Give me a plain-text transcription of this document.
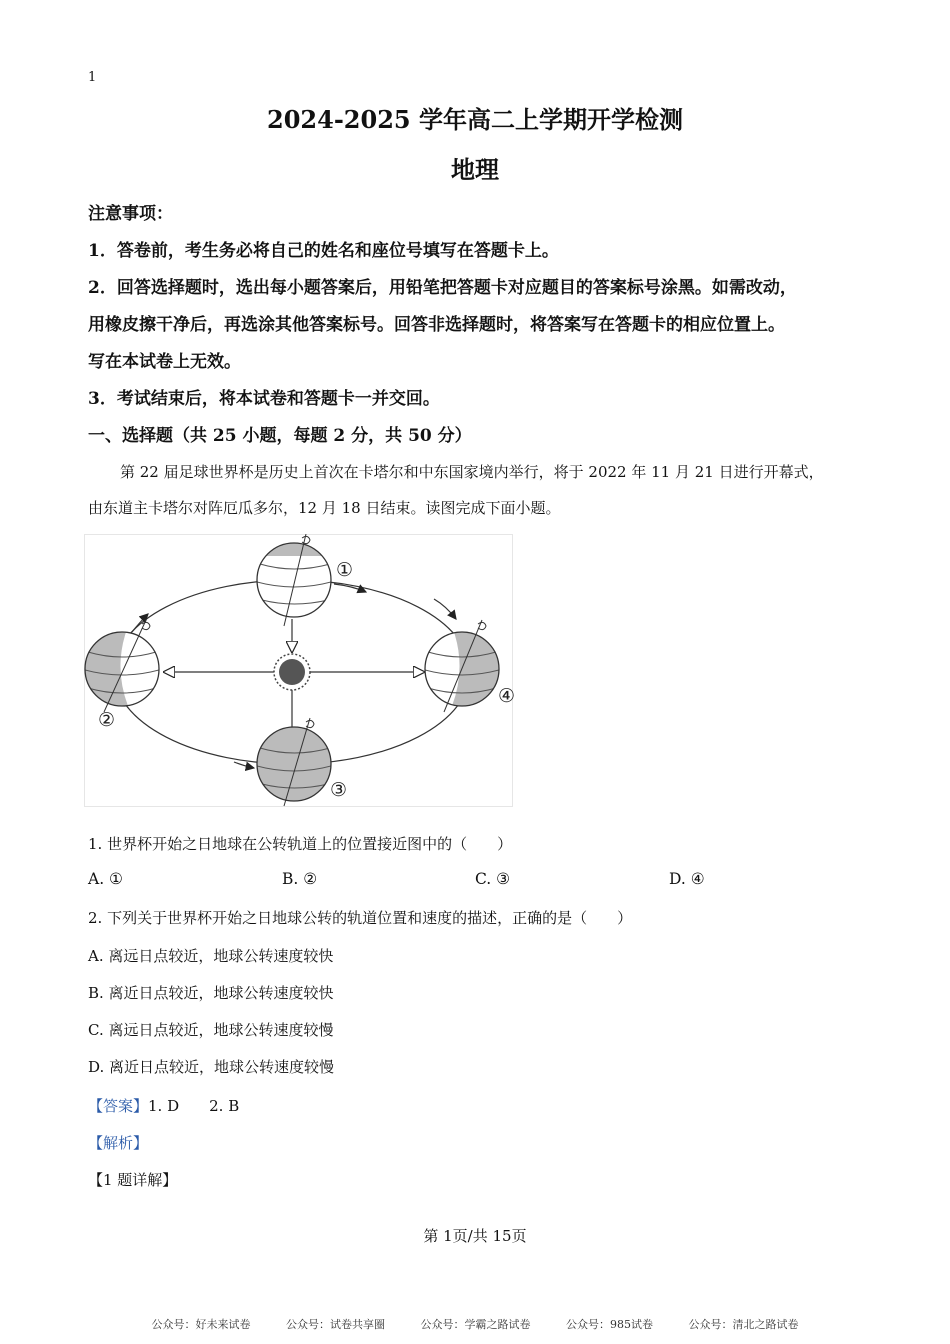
1
2024-2025 学年高二上学期开学检测
地理
注意事项：
1．答卷前，考生务必将自己的姓名和座位号填写在答题卡上。
2．回答选择题时，选出每小题答案后，用铅笔把答题卡对应题目的答案标号涂黑。如需改动，
用橡皮擦干净后，再选涂其他答案标号。回答非选择题时，将答案写在答题卡的相应位置上。
写在本试卷上无效。
3．考试结束后，将本试卷和答题卡一并交回。
一、选择题（共 25 小题，每题 2 分，共 50 分）
第 22 届足球世界杯是历史上首次在卡塔尔和中东国家境内举行，将于 2022 年 11 月 21 日进行开幕式，
由东道主卡塔尔对阵厄瓜多尔，12 月 18 日结束。读图完成下面小题。
①
②
③
④
1. 世界杯开始之日地球在公转轨道上的位置接近图中的（　　）
A. ①	B. ②	C. ③	D. ④
2. 下列关于世界杯开始之日地球公转的轨道位置和速度的描述，正确的是（　　）
A. 离远日点较近，地球公转速度较快
B. 离近日点较近，地球公转速度较快
C. 离远日点较近，地球公转速度较慢
D. 离近日点较近，地球公转速度较慢
【答案】1. D　　2. B
【解析】
【1 题详解】
第 1页/共 15页
公众号：好未来试卷	公众号：试卷共享圈	公众号：学霸之路试卷	公众号：985试卷	公众号：清北之路试卷
